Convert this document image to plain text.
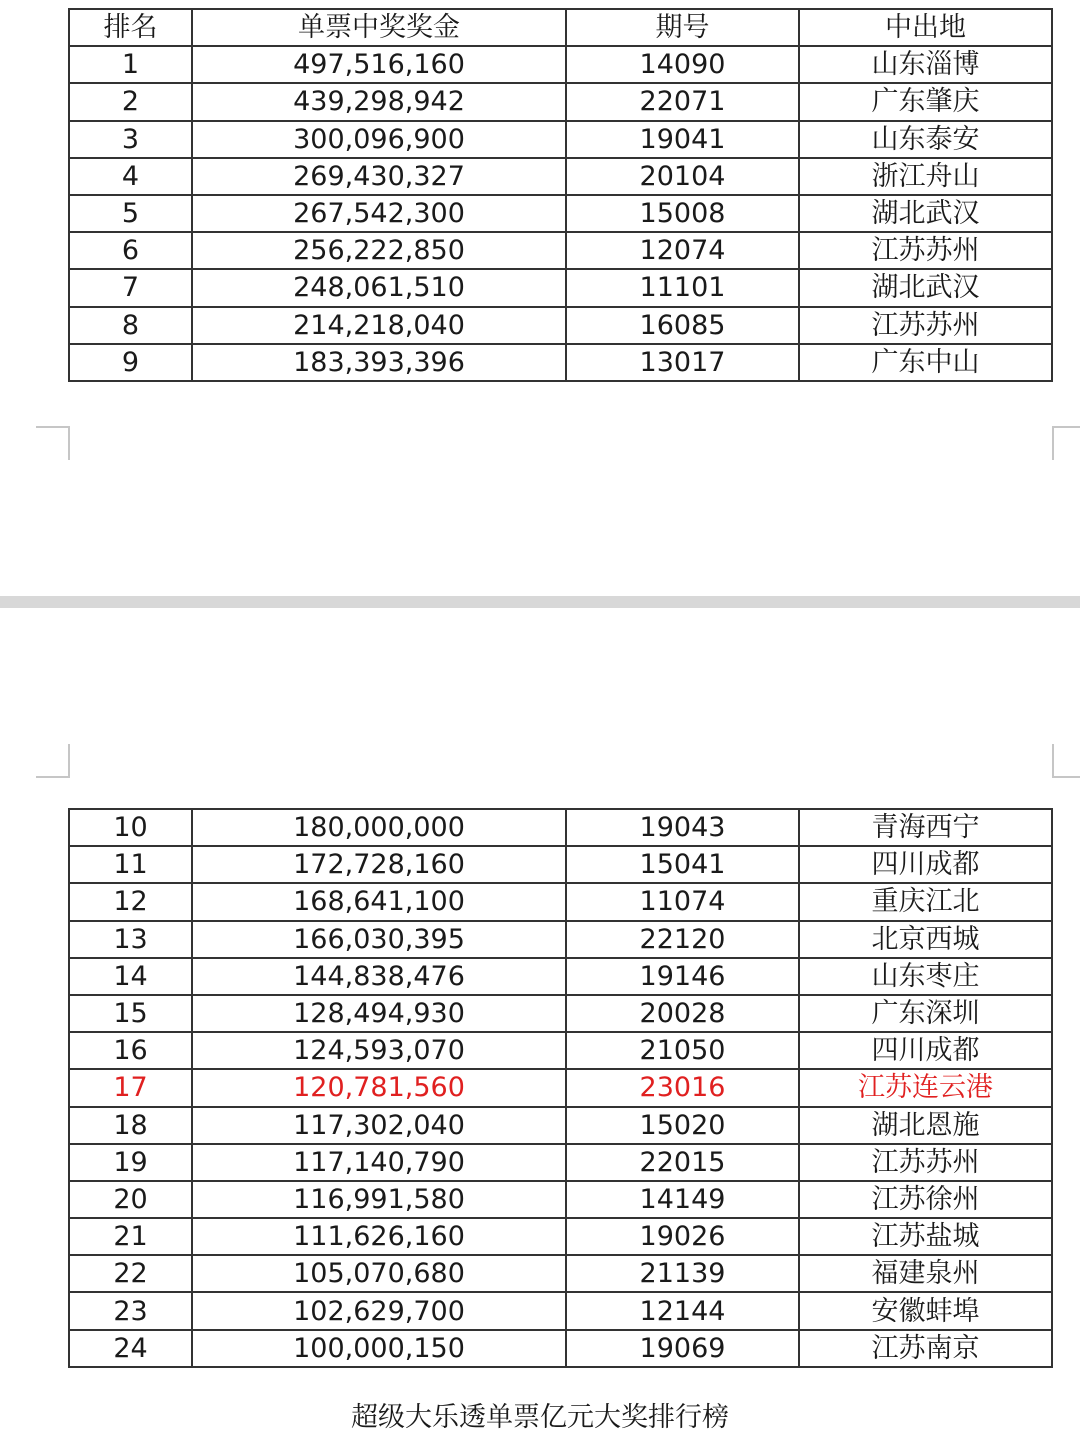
排名	单票中奖奖金	期号	中出地
1	497,516,160	14090	山东淄博
2	439,298,942	22071	广东肇庆
3	300,096,900	19041	山东泰安
4	269,430,327	20104	浙江舟山
5	267,542,300	15008	湖北武汉
6	256,222,850	12074	江苏苏州
7	248,061,510	11101	湖北武汉
8	214,218,040	16085	江苏苏州
9	183,393,396	13017	广东中山
10	180,000,000	19043	青海西宁
11	172,728,160	15041	四川成都
12	168,641,100	11074	重庆江北
13	166,030,395	22120	北京西城
14	144,838,476	19146	山东枣庄
15	128,494,930	20028	广东深圳
16	124,593,070	21050	四川成都
17	120,781,560	23016	江苏连云港
18	117,302,040	15020	湖北恩施
19	117,140,790	22015	江苏苏州
20	116,991,580	14149	江苏徐州
21	111,626,160	19026	江苏盐城
22	105,070,680	21139	福建泉州
23	102,629,700	12144	安徽蚌埠
24	100,000,150	19069	江苏南京
超级大乐透单票亿元大奖排行榜
